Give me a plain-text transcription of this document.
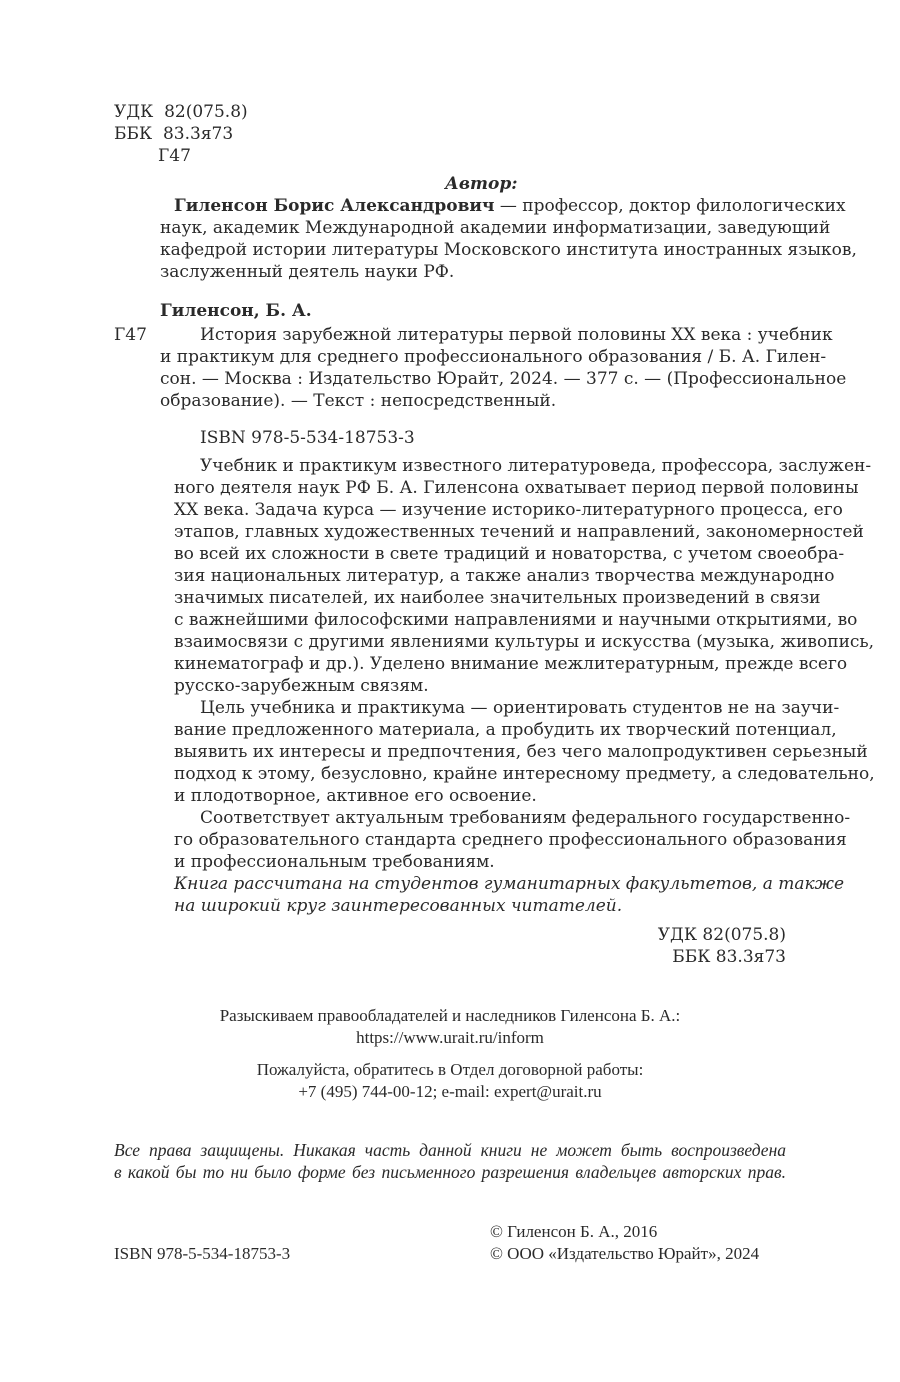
УДК 82(075.8)
ББК 83.3я73
Г47
Автор:
Гиленсон Борис Александрович — профессор, доктор филологических
наук, академик Международной академии информатизации, заведующий
кафедрой истории литературы Московского института иностранных языков,
заслуженный деятель науки РФ.
Гиленсон, Б. А.
Г47	История зарубежной литературы первой половины XX века : учебник
и практикум для среднего профессионального образования / Б. А. Гилен-
сон. — Москва : Издательство Юрайт, 2024. — 377 с. — (Профессиональное
образование). — Текст : непосредственный.
ISBN 978-5-534-18753-3
Учебник и практикум известного литературоведа, профессора, заслужен-
ного деятеля наук РФ Б. А. Гиленсона охватывает период первой половины
XX века. Задача курса — изучение историко-литературного процесса, его
этапов, главных художественных течений и направлений, закономерностей
во всей их сложности в свете традиций и новаторства, с учетом своеобра-
зия национальных литератур, а также анализ творчества международно
значимых писателей, их наиболее значительных произведений в связи
с важнейшими философскими направлениями и научными открытиями, во
взаимосвязи с другими явлениями культуры и искусства (музыка, живопись,
кинематограф и др.). Уделено внимание межлитературным, прежде всего
русско-зарубежным связям.
Цель учебника и практикума — ориентировать студентов не на заучи-
вание предложенного материала, а пробудить их творческий потенциал,
выявить их интересы и предпочтения, без чего малопродуктивен серьезный
подход к этому, безусловно, крайне интересному предмету, а следовательно,
и плодотворное, активное его освоение.
Соответствует актуальным требованиям федерального государственно-
го образовательного стандарта среднего профессионального образования
и профессиональным требованиям.
Книга рассчитана на студентов гуманитарных факультетов, а также
на широкий круг заинтересованных читателей.
УДК 82(075.8)
ББК 83.3я73
Разыскиваем правообладателей и наследников Гиленсона Б. А.:
https://www.urait.ru/inform
Пожалуйста, обратитесь в Отдел договорной работы:
+7 (495) 744-00-12; e-mail: expert@urait.ru
Все права защищены. Никакая часть данной книги не может быть воспроизведена
в какой бы то ни было форме без письменного разрешения владельцев авторских прав.
© Гиленсон Б. А., 2016
ISBN 978-5-534-18753-3	© ООО «Издательство Юрайт», 2024
